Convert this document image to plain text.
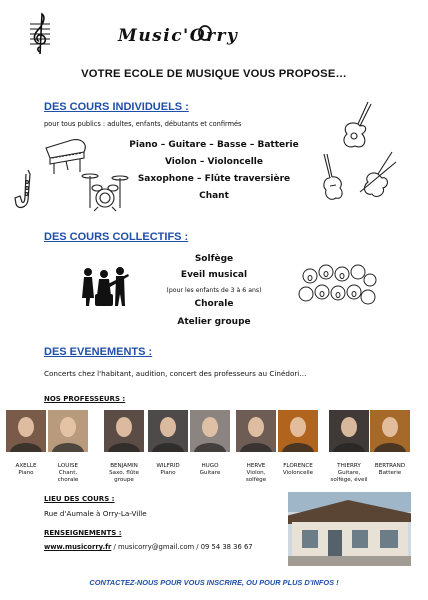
Music'Orry
VOTRE ECOLE DE MUSIQUE VOUS PROPOSE…
DES COURS INDIVIDUELS :
pour tous publics : adultes, enfants, débutants et confirmés
Piano – Guitare – Basse – Batterie
Violon – Violoncelle
Saxophone – Flûte traversière
Chant
DES COURS COLLECTIFS :
Solfège
Eveil musical
(pour les enfants de 3 à 6 ans)
Chorale
Atelier groupe
DES EVENEMENTS :
Concerts chez l'habitant, audition, concert des professeurs au Cinédori…
NOS PROFESSEURS :
AXELLE
Piano
LOUISE
Chant, chorale
BENJAMIN
Saxo, flûte
groupe
WILFRID
Piano
HUGO
Guitare
HERVE
Violon, solfège
FLORENCE
Violoncelle
THIERRY
Guitare,
solfège, éveil
BERTRAND
Batterie
LIEU DES COURS :
Rue d'Aumale à Orry-La-Ville
RENSEIGNEMENTS :
www.musicorry.fr / musicorry@gmail.com / 09 54 38 36 67
CONTACTEZ-NOUS POUR VOUS INSCRIRE, OU POUR PLUS D'INFOS !
